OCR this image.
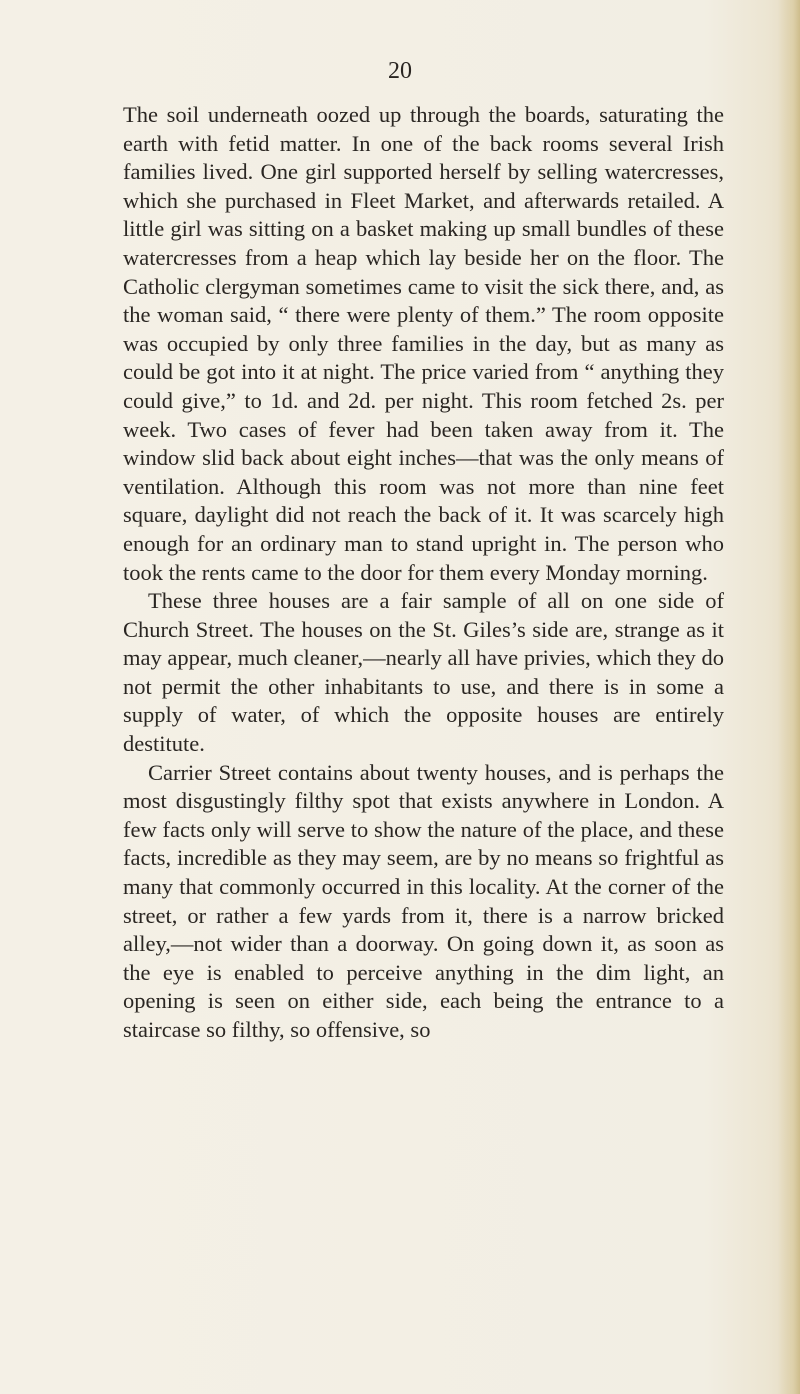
20

The soil underneath oozed up through the boards, saturating the earth with fetid matter. In one of the back rooms several Irish families lived. One girl supported herself by selling watercresses, which she purchased in Fleet Market, and afterwards retailed. A little girl was sitting on a basket making up small bundles of these watercresses from a heap which lay beside her on the floor. The Catholic clergyman sometimes came to visit the sick there, and, as the woman said, “ there were plenty of them.” The room opposite was occupied by only three families in the day, but as many as could be got into it at night. The price varied from “ anything they could give,” to 1d. and 2d. per night. This room fetched 2s. per week. Two cases of fever had been taken away from it. The window slid back about eight inches—that was the only means of ventilation. Although this room was not more than nine feet square, daylight did not reach the back of it. It was scarcely high enough for an ordinary man to stand upright in. The person who took the rents came to the door for them every Monday morning.

These three houses are a fair sample of all on one side of Church Street. The houses on the St. Giles’s side are, strange as it may appear, much cleaner,—nearly all have privies, which they do not permit the other inhabitants to use, and there is in some a supply of water, of which the opposite houses are entirely destitute.

Carrier Street contains about twenty houses, and is perhaps the most disgustingly filthy spot that exists anywhere in London. A few facts only will serve to show the nature of the place, and these facts, incredible as they may seem, are by no means so frightful as many that commonly occurred in this locality. At the corner of the street, or rather a few yards from it, there is a narrow bricked alley,—not wider than a doorway. On going down it, as soon as the eye is enabled to perceive anything in the dim light, an opening is seen on either side, each being the entrance to a staircase so filthy, so offensive, so
